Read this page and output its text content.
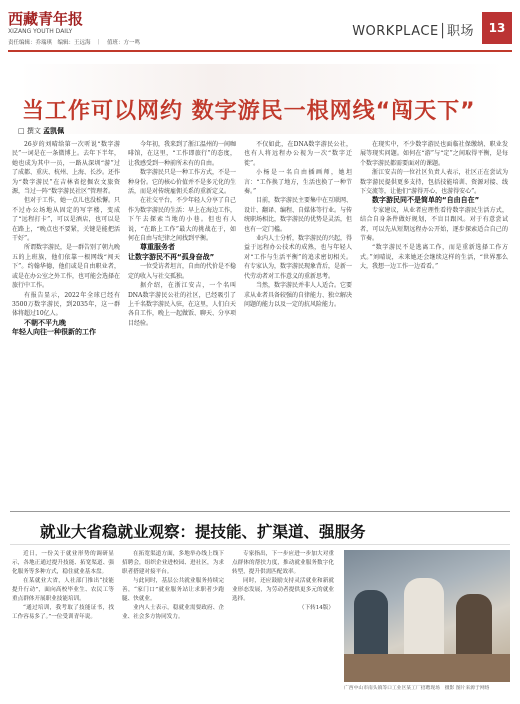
西藏青年报
XIZANG YOUTH DAILY
责任编辑：乔瑞琪　编辑：王远海　｜　值班：方一鸣
WORKPLACE│职场	13
当工作可以网约 数字游民一根网线“闯天下”
□ 撰文 孟凯佩

26岁的刘晴给第一次听说“数字游民”一词是在一条微博上。去年下半年，她也成为其中一员，一路从深圳“游”过了成都、重庆、杭州、上海、长沙。还作为“数字游民”在吉林省挖掘农文旅资源，当过一阵“数字游民社区”管理者。

但对于工作，她一点儿也没松懈。只不过办公场地从固定的写字楼，变成了“远程打卡”，可以是酒店，也可以是在路上，“晚点也不要紧，关键是能把活干好”。

所谓数字游民，是一群告别了朝九晚五的上班族，他们依靠一根网线“闯天下”。约翰华德，他们或是自由职业者，或是在办公室之外工作，也可能会选择在旅行中工作。

有报告显示，2022年全球已经有3500万数字游民，到2035年，这一群体将超过10亿人。

不朝不平九晚
年轻人向往一种很新的工作

今年初，我来到了浙江温州的一间咖啡馆，在这里，“工作即旅行”的态度，让我感受到一种前所未有的自由。

数字游民只是一种工作方式，不是一种身份。它的核心价值并不是多元化的生活，而是对传统雇佣关系的重新定义。

在社交平台，不少年轻人分享了自己作为数字游民的生活：早上在海边工作，下午去探索当地的小巷。但也有人说，“在路上工作”最大的挑战在于，如何在自由与纪律之间找到平衡。

尊重服务者
让数字游民不再“孤身奋战”

一位受访者坦言，自由的代价是不稳定的收入与社交孤独。

据介绍，在浙江安吉，一个名叫DNA数字游民公社的社区，已经吸引了上千名数字游民入驻，在这里，人们白天各自工作，晚上一起做饭、聊天、分享项目经验。

不仅如此，在DNA数字游民公社，也有人将远程办公视为一次“数字迁徙”。

小杨是一名自由插画师，她坦言：“工作换了地方，生活也换了一种节奏。”

目前，数字游民主要集中在互联网、设计、翻译、编程、自媒体等行业。与传统职场相比，数字游民的优势是灵活，但也有一定门槛。

业内人士分析，数字游民的兴起，得益于远程办公技术的成熟，也与年轻人对“工作与生活平衡”的追求密切相关。有专家认为，数字游民现象背后，是新一代劳动者对工作意义的重新思考。

当然，数字游民并非人人适合。它要求从业者具备较强的自律能力、独立解决问题的能力以及一定的抗风险能力。

在现实中，不少数字游民也面临社保缴纳、职业发展等现实问题。如何在“游”与“定”之间取得平衡，是每个数字游民都需要面对的课题。

浙江安吉的一位社区负责人表示，社区正在尝试为数字游民提供更多支持，包括技能培训、资源对接、线下交流等，让他们“游得开心，也游得安心”。

数字游民同不是简单的“自由自在”

专家建议，从业者应理性看待数字游民生活方式，结合自身条件做好规划，不盲目跟风。对于有意尝试者，可以先从短期远程办公开始，逐步探索适合自己的节奏。

“数字游民不是逃离工作，而是重新选择工作方式。”刘晴说，未来她还会继续这样的生活，“世界那么大，我想一边工作一边看看。”

就业大省稳就业观察：提技能、扩渠道、强服务

近日，一份关于就业形势的调研显示，各地正通过提升技能、拓宽渠道、强化服务等多种方式，稳住就业基本盘。

在某就业大省，人社部门推出“技能提升行动”，面向高校毕业生、农民工等重点群体开展职业技能培训。

“通过培训，我考取了技能证书，找工作容易多了。”一位受训青年说。

在拓宽渠道方面，多地举办线上线下招聘会，组织企业进校园、进社区，为求职者搭建对接平台。

与此同时，基层公共就业服务持续完善，“家门口”就业服务站让求职者少跑腿、快就业。

业内人士表示，稳就业需要政府、企业、社会多方协同发力。

专家指出，下一步应进一步加大对重点群体的帮扶力度，推动就业服务数字化转型，提升供需匹配效率。

同时，还应鼓励支持灵活就业和新就业形态发展，为劳动者提供更多元的就业选择。

（下转14版）

广西中山市南头镇等口工业区某工厂招聘现场　摄影 图片来源于网络
